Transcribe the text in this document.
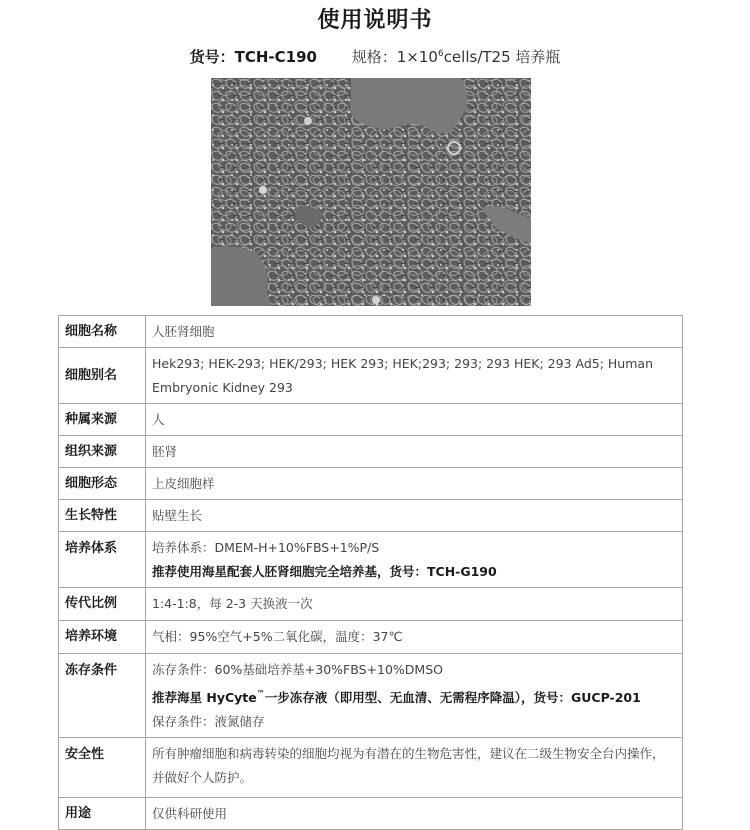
使用说明书
货号：TCH-C190 规格：$1\times 10^6cells/T25$ 培养瓶
细胞名称	人胚肾细胞
细胞别名	Hek293; HEK-293; HEK/293; HEK 293; HEK;293; 293; 293 HEK; 293 Ad5; Human Embryonic Kidney 293
种属来源	人
组织来源	胚肾
细胞形态	上皮细胞样
生长特性	贴壁生长
培养体系	培养体系：DMEM-H+10%FBS+1%P/S
推荐使用海星配套人胚肾细胞完全培养基，货号：TCH-G190

传代比例	1:4-1:8，每 2-3 天换液一次
培养环境	气相：95%空气+5%二氧化碳，温度：37℃
冻存条件	冻存条件：60%基础培养基+30%FBS+10%DMSO
推荐海星 HyCyte™一步冻存液（即用型、无血清、无需程序降温），货号：GUCP-201
保存条件：液氮储存

安全性	所有肿瘤细胞和病毒转染的细胞均视为有潜在的生物危害性，建议在二级生物安全台内操作，并做好个人防护。
用途	仅供科研使用
